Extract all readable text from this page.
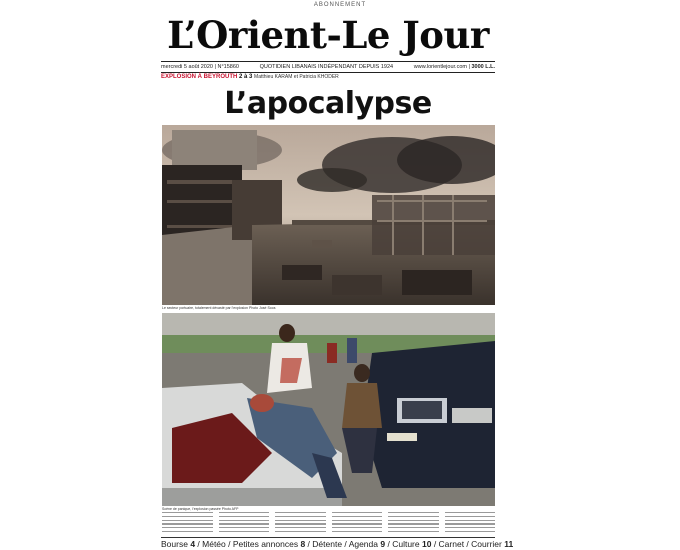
ABONNEMENT
L’Orient-Le Jour
mercredi 5 août 2020 | N°15860	QUOTIDIEN LIBANAIS INDÉPENDANT DEPUIS 1924	www.lorientlejour.com | 3000 L.L.
EXPLOSION À BEYROUTH 2 à 3 Matthieu KARAM et Patricia KHODER
L’apocalypse
Le secteur portuaire, totalement dévasté par l’explosion Photo José Soos
Scène de panique, l’explosion passée Photo AFP
Bourse 4 / Météo / Petites annonces 8 / Détente / Agenda 9 / Culture 10 / Carnet / Courrier 11
